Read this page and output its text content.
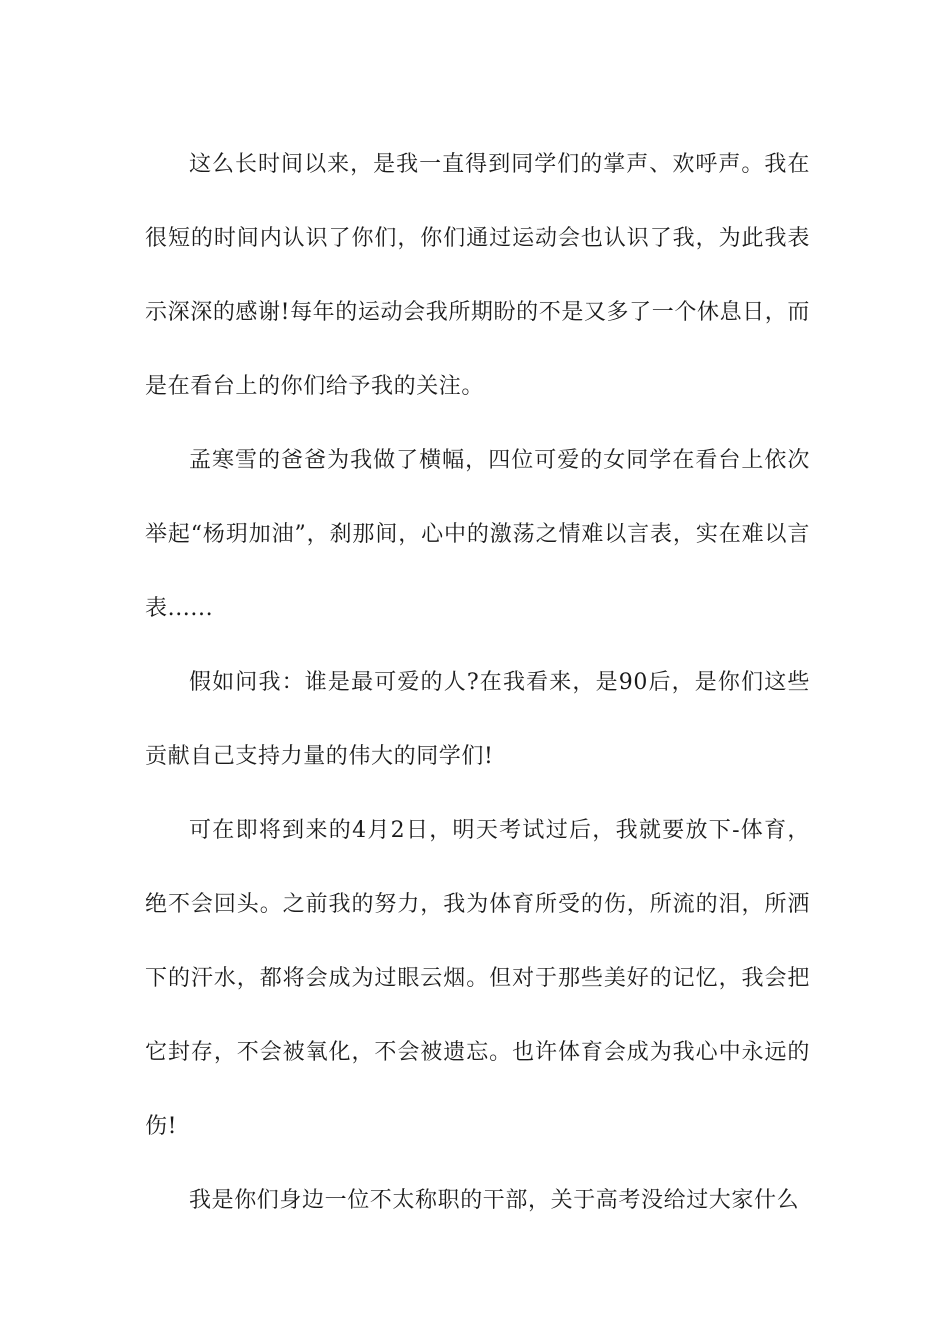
这么长时间以来，是我一直得到同学们的掌声、欢呼声。我在很短的时间内认识了你们，你们通过运动会也认识了我，为此我表示深深的感谢!每年的运动会我所期盼的不是又多了一个休息日，而是在看台上的你们给予我的关注。

孟寒雪的爸爸为我做了横幅，四位可爱的女同学在看台上依次举起“杨玥加油”，刹那间，心中的激荡之情难以言表，实在难以言表......

假如问我：谁是最可爱的人?在我看来，是90后，是你们这些贡献自己支持力量的伟大的同学们!

可在即将到来的4月2日，明天考试过后，我就要放下-体育，绝不会回头。之前我的努力，我为体育所受的伤，所流的泪，所洒下的汗水，都将会成为过眼云烟。但对于那些美好的记忆，我会把它封存，不会被氧化，不会被遗忘。也许体育会成为我心中永远的伤!

我是你们身边一位不太称职的干部，关于高考没给过大家什么
